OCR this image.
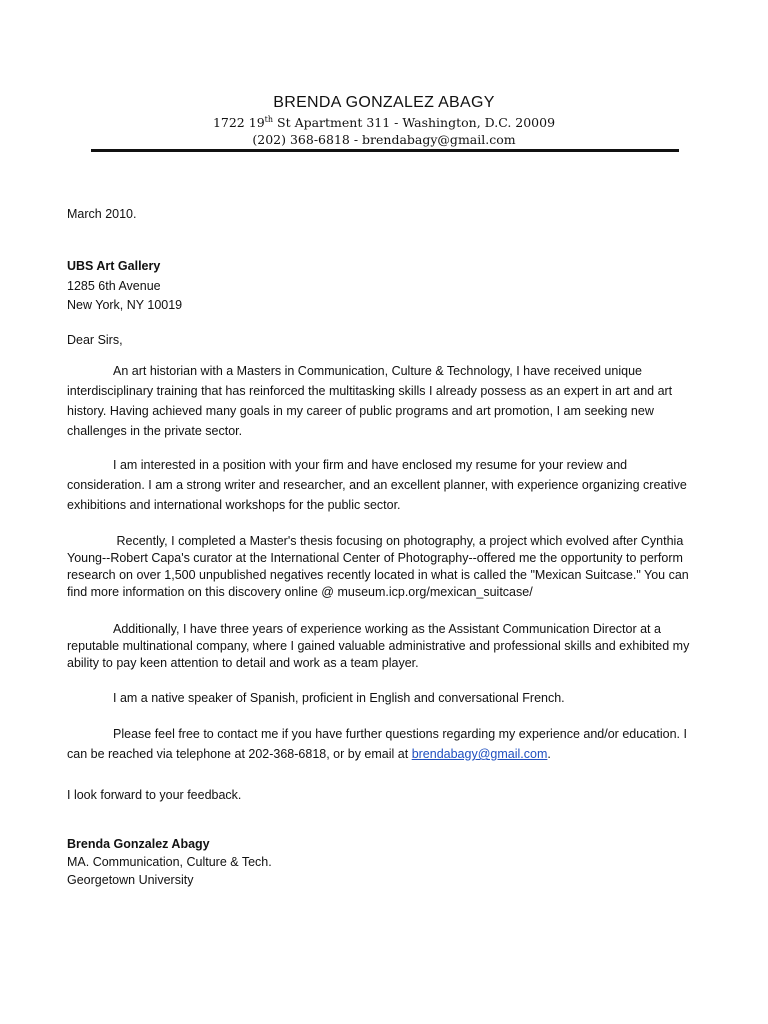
BRENDA GONZALEZ ABAGY

1722 19th St Apartment 311 - Washington, D.C. 20009

(202) 368-6818 - brendabagy@gmail.com

March 2010.
UBS Art Gallery
1285 6th Avenue
New York, NY 10019
Dear Sirs,
An art historian with a Masters in Communication, Culture & Technology, I have received unique interdisciplinary training that has reinforced the multitasking skills I already possess as an expert in art and art history. Having achieved many goals in my career of public programs and art promotion, I am seeking new challenges in the private sector.
I am interested in a position with your firm and have enclosed my resume for your review and consideration. I am a strong writer and researcher, and an excellent planner, with experience organizing creative exhibitions and international workshops for the public sector.
Recently, I completed a Master's thesis focusing on photography, a project which evolved after Cynthia Young--Robert Capa's curator at the International Center of Photography--offered me the opportunity to perform research on over 1,500 unpublished negatives recently located in what is called the "Mexican Suitcase." You can find more information on this discovery online @ museum.icp.org/mexican_suitcase/
Additionally, I have three years of experience working as the Assistant Communication Director at a reputable multinational company, where I gained valuable administrative and professional skills and exhibited my ability to pay keen attention to detail and work as a team player.
I am a native speaker of Spanish, proficient in English and conversational French.
Please feel free to contact me if you have further questions regarding my experience and/or education. I can be reached via telephone at 202-368-6818, or by email at brendabagy@gmail.com.
I look forward to your feedback.
Brenda Gonzalez Abagy
MA. Communication, Culture & Tech.
Georgetown University
